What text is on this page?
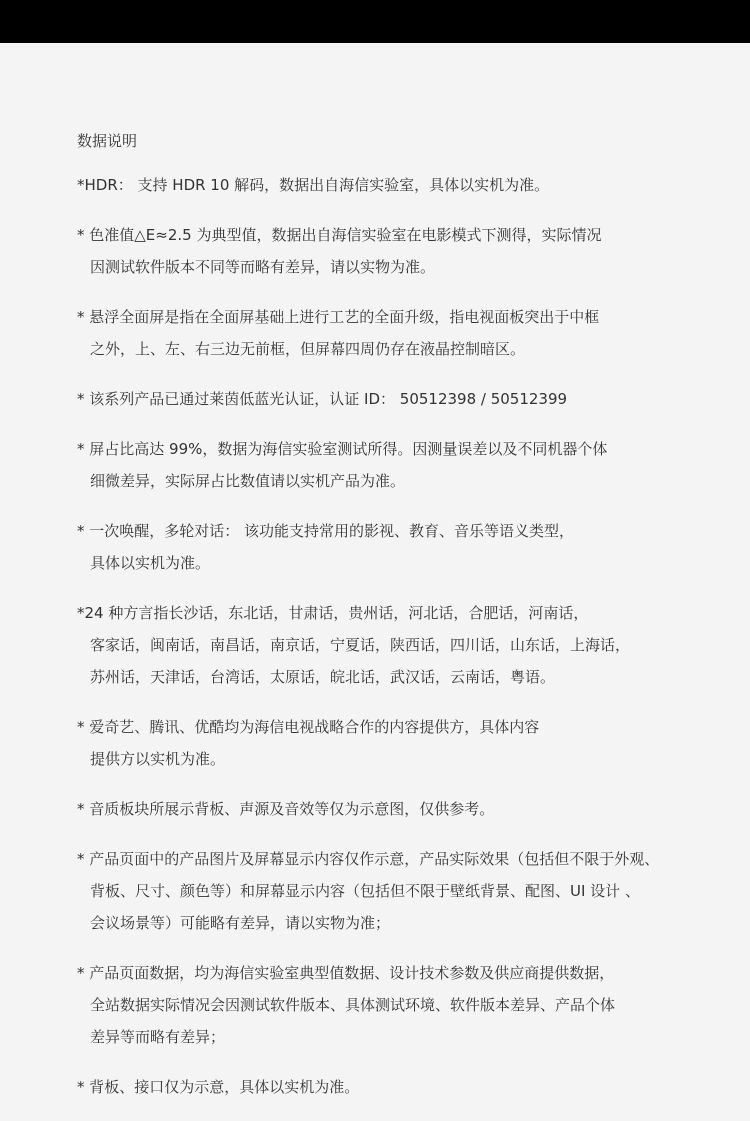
数据说明
*HDR： 支持 HDR 10 解码，数据出自海信实验室，具体以实机为准。
* 色准值△E≈2.5 为典型值，数据出自海信实验室在电影模式下测得，实际情况
因测试软件版本不同等而略有差异，请以实物为准。
* 悬浮全面屏是指在全面屏基础上进行工艺的全面升级，指电视面板突出于中框
之外，上、左、右三边无前框，但屏幕四周仍存在液晶控制暗区。
* 该系列产品已通过莱茵低蓝光认证，认证 ID： 50512398 / 50512399
* 屏占比高达 99%，数据为海信实验室测试所得。因测量误差以及不同机器个体
细微差异，实际屏占比数值请以实机产品为准。
* 一次唤醒，多轮对话： 该功能支持常用的影视、教育、音乐等语义类型，
具体以实机为准。
*24 种方言指长沙话，东北话，甘肃话，贵州话，河北话，合肥话，河南话，
客家话，闽南话，南昌话，南京话，宁夏话，陕西话，四川话，山东话，上海话，
苏州话，天津话，台湾话，太原话，皖北话，武汉话，云南话，粤语。
* 爱奇艺、腾讯、优酷均为海信电视战略合作的内容提供方，具体内容
提供方以实机为准。
* 音质板块所展示背板、声源及音效等仅为示意图，仅供参考。
* 产品页面中的产品图片及屏幕显示内容仅作示意，产品实际效果（包括但不限于外观、
背板、尺寸、颜色等）和屏幕显示内容（包括但不限于壁纸背景、配图、UI 设计 、
会议场景等）可能略有差异，请以实物为准；
* 产品页面数据，均为海信实验室典型值数据、设计技术参数及供应商提供数据，
全站数据实际情况会因测试软件版本、具体测试环境、软件版本差异、产品个体
差异等而略有差异；
* 背板、接口仅为示意，具体以实机为准。
